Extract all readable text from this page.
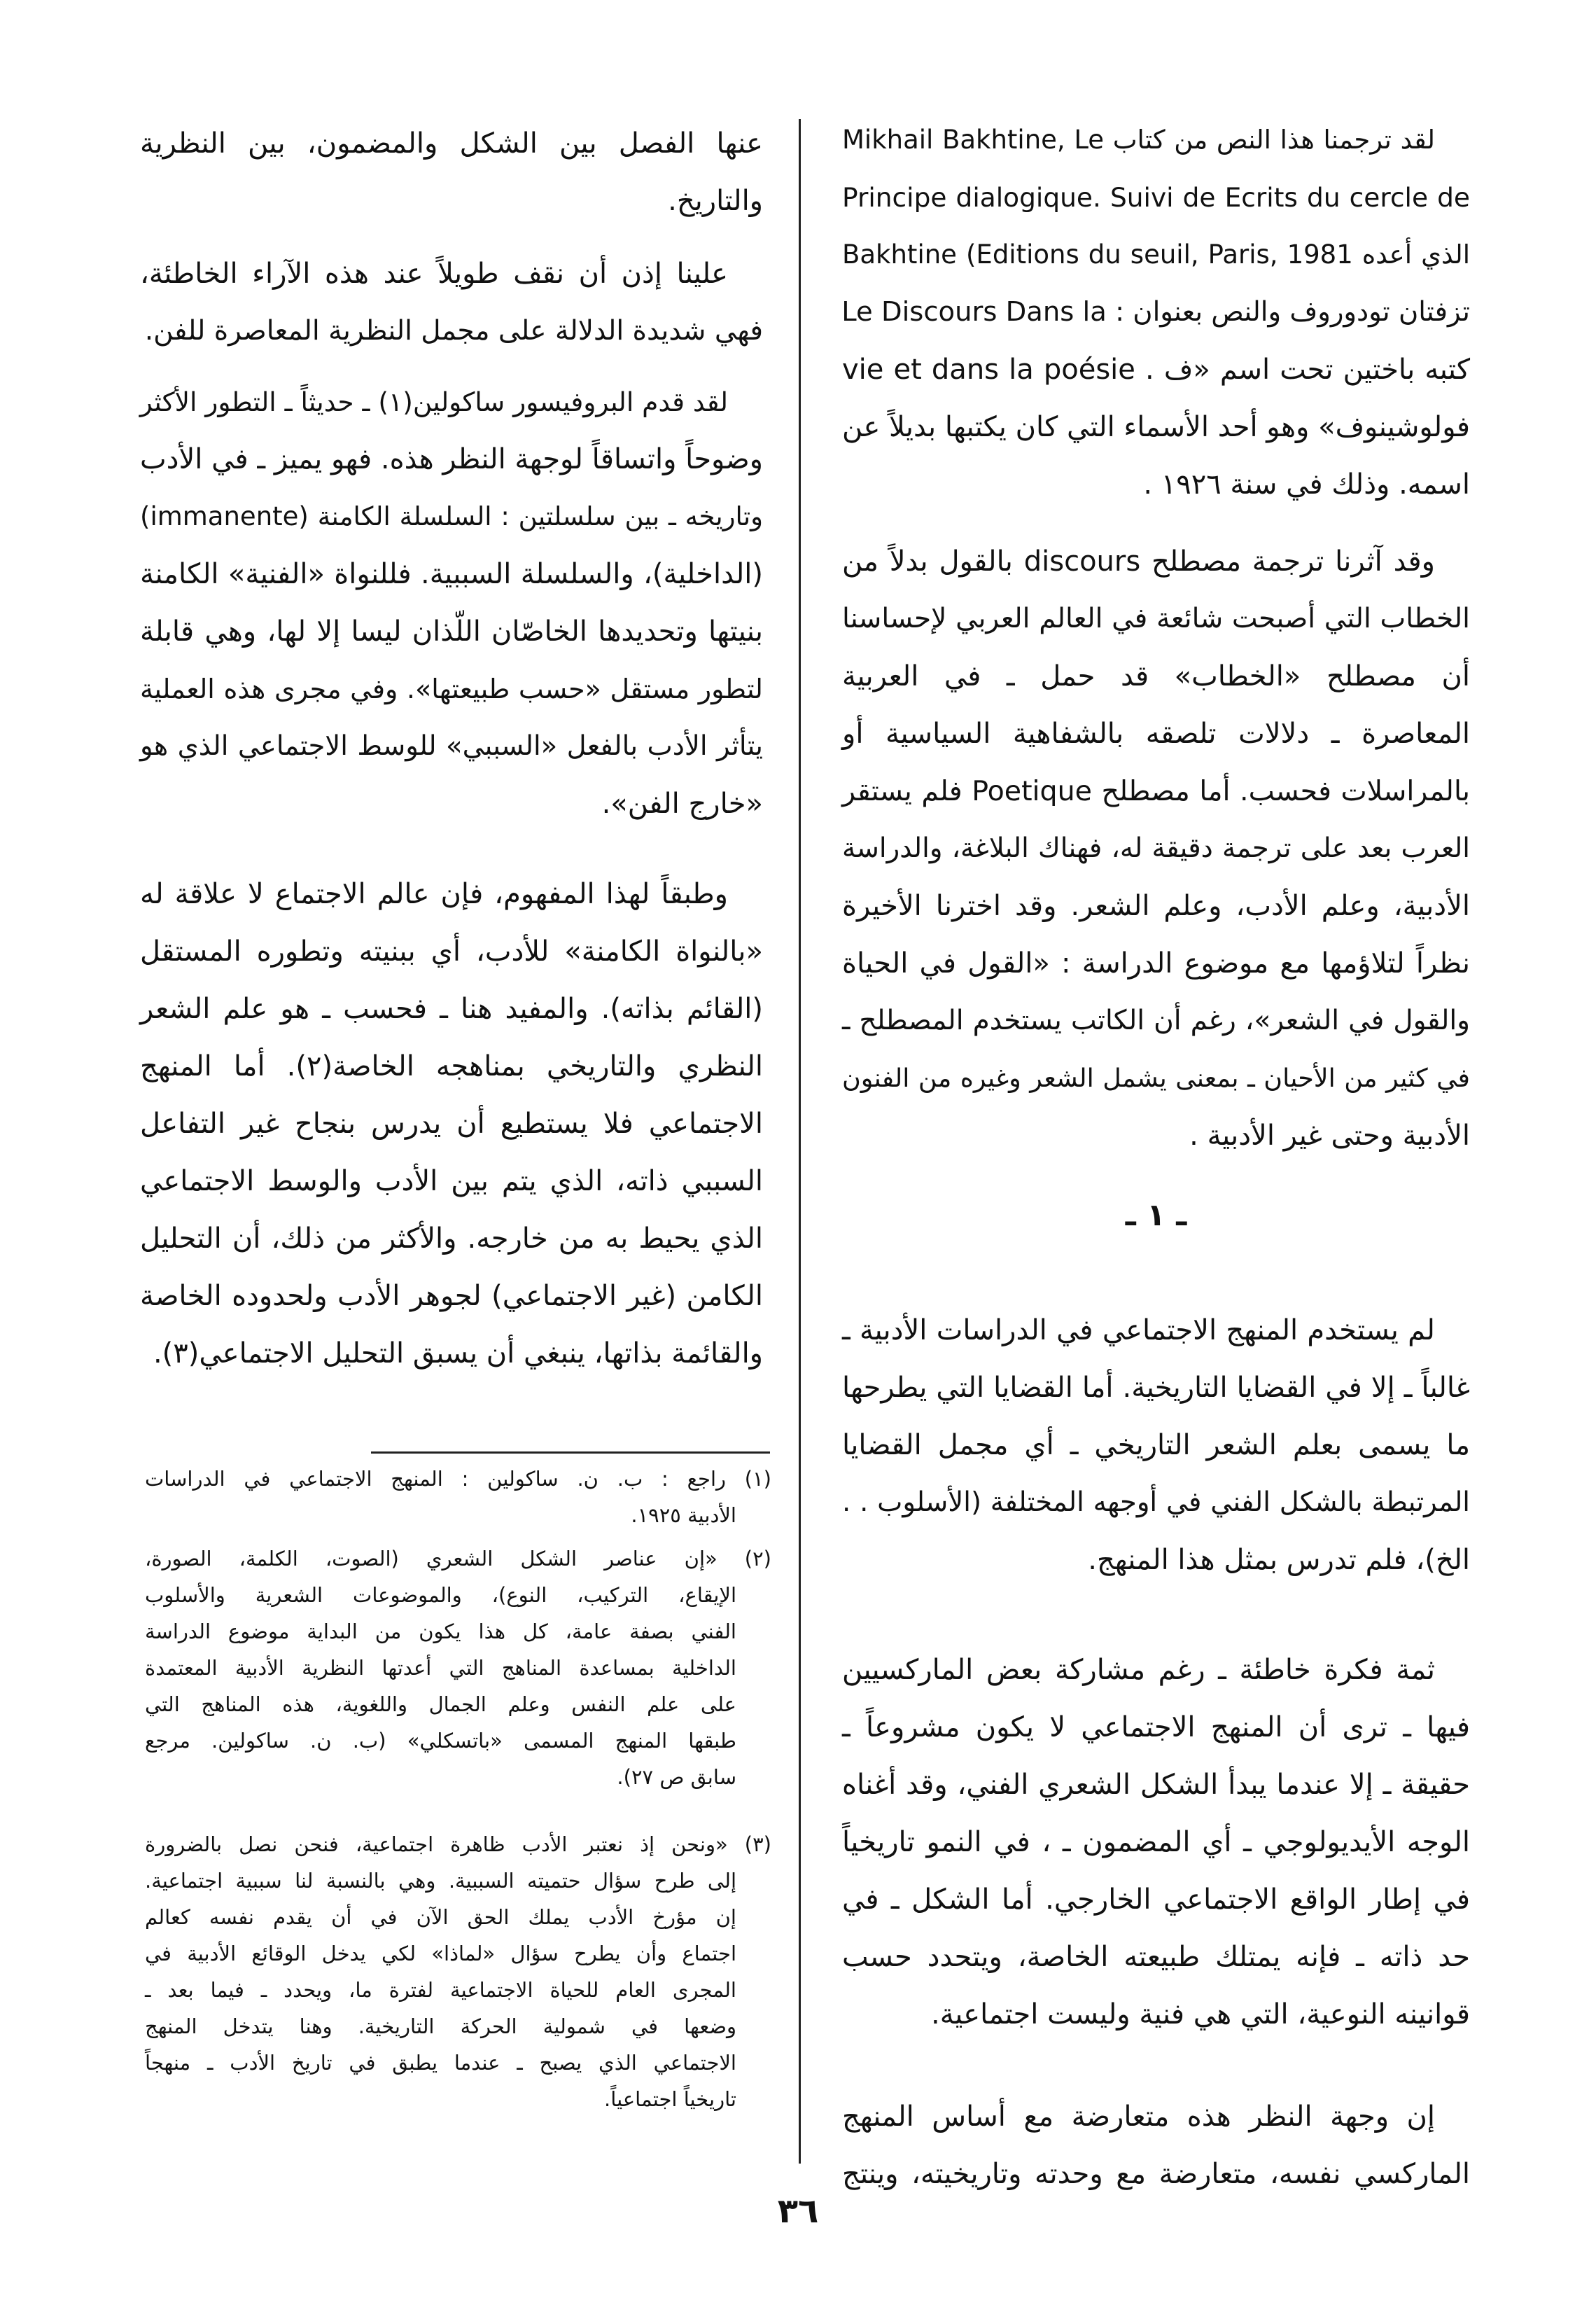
لقد ترجمنا هذا النص من كتاب Mikhail Bakhtine, Le
Principe dialogique. Suivi de Ecrits du cercle de
الذي أعده Bakhtine (Editions du seuil, Paris, 1981
تزفتان تودوروف والنص بعنوان : Le Discours Dans la
كتبه باختين تحت اسم «ف . vie et dans la poésie
فولوشينوف» وهو أحد الأسماء التي كان يكتبها بديلاً عن
اسمه. وذلك في سنة ١٩٢٦ .
وقد آثرنا ترجمة مصطلح discours بالقول بدلاً من
الخطاب التي أصبحت شائعة في العالم العربي لإحساسنا
أن مصطلح «الخطاب» قد حمل ـ في العربية
المعاصرة ـ دلالات تلصقه بالشفاهية السياسية أو
بالمراسلات فحسب. أما مصطلح Poetique فلم يستقر
العرب بعد على ترجمة دقيقة له، فهناك البلاغة، والدراسة
الأدبية، وعلم الأدب، وعلم الشعر. وقد اخترنا الأخيرة
نظراً لتلاؤمها مع موضوع الدراسة : «القول في الحياة
والقول في الشعر»، رغم أن الكاتب يستخدم المصطلح ـ
في كثير من الأحيان ـ بمعنى يشمل الشعر وغيره من الفنون
الأدبية وحتى غير الأدبية .
ـ ١ ـ
لم يستخدم المنهج الاجتماعي في الدراسات الأدبية ـ
غالباً ـ إلا في القضايا التاريخية. أما القضايا التي يطرحها
ما يسمى بعلم الشعر التاريخي ـ أي مجمل القضايا
المرتبطة بالشكل الفني في أوجهه المختلفة (الأسلوب . .
الخ)، فلم تدرس بمثل هذا المنهج.
ثمة فكرة خاطئة ـ رغم مشاركة بعض الماركسيين
فيها ـ ترى أن المنهج الاجتماعي لا يكون مشروعاً ـ
حقيقة ـ إلا عندما يبدأ الشكل الشعري الفني، وقد أغناه
الوجه الأيديولوجي ـ أي المضمون ـ ، في النمو تاريخياً
في إطار الواقع الاجتماعي الخارجي. أما الشكل ـ في
حد ذاته ـ فإنه يمتلك طبيعته الخاصة، ويتحدد حسب
قوانينه النوعية، التي هي فنية وليست اجتماعية.
إن وجهة النظر هذه متعارضة مع أساس المنهج
الماركسي نفسه، متعارضة مع وحدته وتاريخيته، وينتج
عنها الفصل بين الشكل والمضمون، بين النظرية
والتاريخ.
علينا إذن أن نقف طويلاً عند هذه الآراء الخاطئة،
فهي شديدة الدلالة على مجمل النظرية المعاصرة للفن.
لقد قدم البروفيسور ساكولين(١) ـ حديثاً ـ التطور الأكثر
وضوحاً واتساقاً لوجهة النظر هذه. فهو يميز ـ في الأدب
وتاريخه ـ بين سلسلتين : السلسلة الكامنة (immanente)
(الداخلية)، والسلسلة السببية. فللنواة «الفنية» الكامنة
بنيتها وتحديدها الخاصّان اللّذان ليسا إلا لها، وهي قابلة
لتطور مستقل «حسب طبيعتها». وفي مجرى هذه العملية
يتأثر الأدب بالفعل «السببي» للوسط الاجتماعي الذي هو
«خارج الفن».
وطبقاً لهذا المفهوم، فإن عالم الاجتماع لا علاقة له
«بالنواة الكامنة» للأدب، أي ببنيته وتطوره المستقل
(القائم بذاته). والمفيد هنا ـ فحسب ـ هو علم الشعر
النظري والتاريخي بمناهجه الخاصة(٢). أما المنهج
الاجتماعي فلا يستطيع أن يدرس بنجاح غير التفاعل
السببي ذاته، الذي يتم بين الأدب والوسط الاجتماعي
الذي يحيط به من خارجه. والأكثر من ذلك، أن التحليل
الكامن (غير الاجتماعي) لجوهر الأدب ولحدوده الخاصة
والقائمة بذاتها، ينبغي أن يسبق التحليل الاجتماعي(٣).
(١) راجع : ب. ن. ساكولين : المنهج الاجتماعي في الدراسات
الأدبية ١٩٢٥.
(٢) «إن عناصر الشكل الشعري (الصوت، الكلمة، الصورة،
الإيقاع، التركيب، النوع)، والموضوعات الشعرية والأسلوب
الفني بصفة عامة، كل هذا يكون من البداية موضوع الدراسة
الداخلية بمساعدة المناهج التي أعدتها النظرية الأدبية المعتمدة
على علم النفس وعلم الجمال واللغوية، هذه المناهج التي
طبقها المنهج المسمى «باتسكلي» (ب. ن. ساكولين. مرجع
سابق ص ٢٧).
(٣) «ونحن إذ نعتبر الأدب ظاهرة اجتماعية، فنحن نصل بالضرورة
إلى طرح سؤال حتميته السببية. وهي بالنسبة لنا سببية اجتماعية.
إن مؤرخ الأدب يملك الحق الآن في أن يقدم نفسه كعالم
اجتماع وأن يطرح سؤال «لماذا» لكي يدخل الوقائع الأدبية في
المجرى العام للحياة الاجتماعية لفترة ما، ويحدد ـ فيما بعد ـ
وضعها في شمولية الحركة التاريخية. وهنا يتدخل المنهج
الاجتماعي الذي يصبح ـ عندما يطبق في تاريخ الأدب ـ منهجاً
تاريخياً اجتماعياً.
٣٦
